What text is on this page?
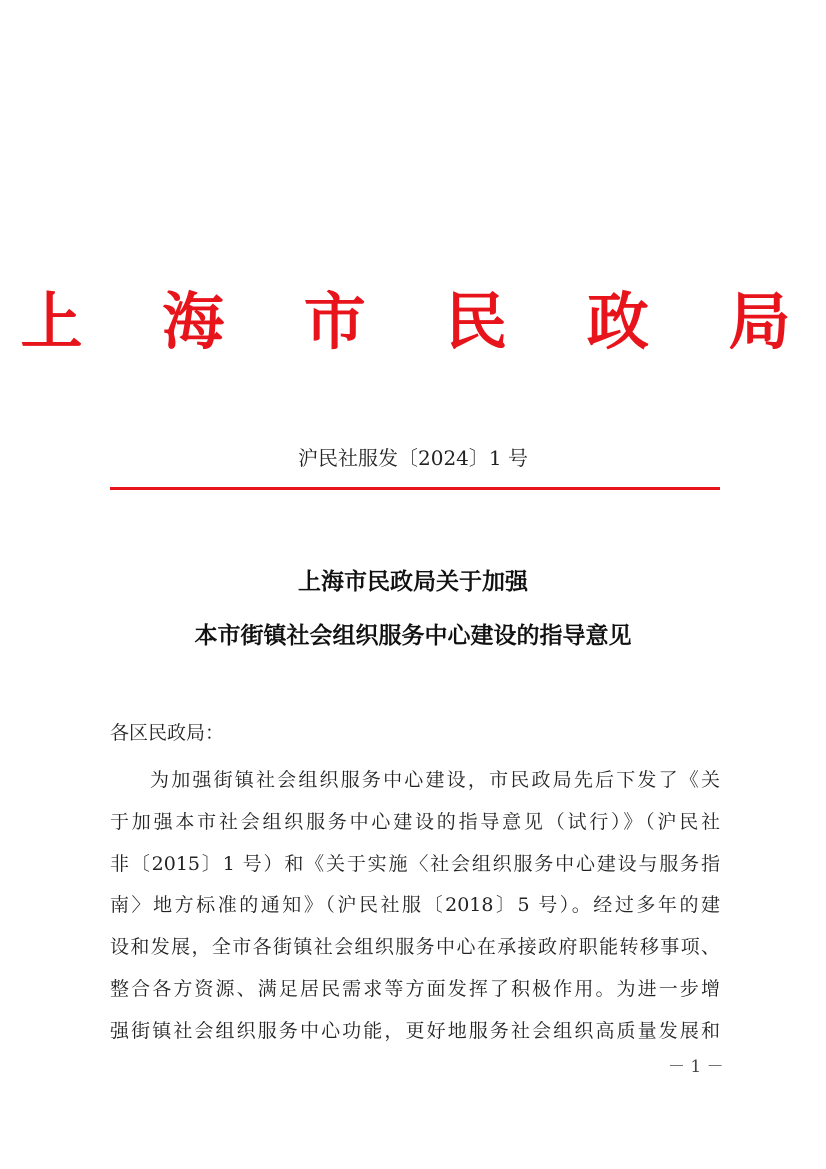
上 海 市 民 政 局
沪民社服发〔2024〕1 号
上海市民政局关于加强
本市街镇社会组织服务中心建设的指导意见
各区民政局：
为加强街镇社会组织服务中心建设，市民政局先后下发了《关
于加强本市社会组织服务中心建设的指导意见（试行）》（沪民社
非〔2015〕1 号）和《关于实施〈社会组织服务中心建设与服务指
南〉地方标准的通知》（沪民社服〔2018〕5 号）。经过多年的建
设和发展，全市各街镇社会组织服务中心在承接政府职能转移事项、
整合各方资源、满足居民需求等方面发挥了积极作用。为进一步增
强街镇社会组织服务中心功能，更好地服务社会组织高质量发展和
－ 1 －
